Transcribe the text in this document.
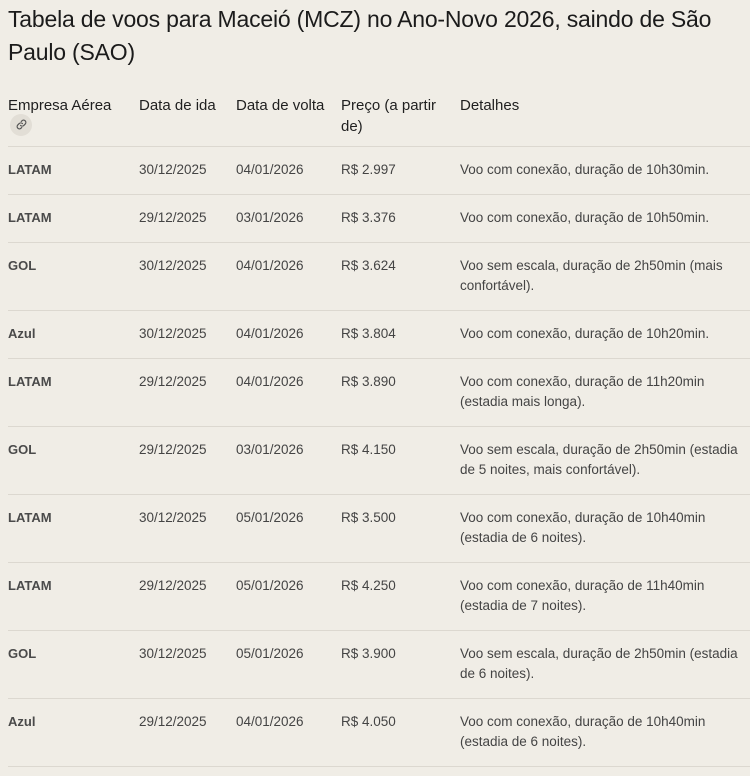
Tabela de voos para Maceió (MCZ) no Ano-Novo 2026, saindo de São Paulo (SAO)
Empresa Aérea	Data de ida	Data de volta	Preço (a partir de)	Detalhes
LATAM	30/12/2025	04/01/2026	R$ 2.997	Voo com conexão, duração de 10h30min.
LATAM	29/12/2025	03/01/2026	R$ 3.376	Voo com conexão, duração de 10h50min.
GOL	30/12/2025	04/01/2026	R$ 3.624	Voo sem escala, duração de 2h50min (mais confortável).
Azul	30/12/2025	04/01/2026	R$ 3.804	Voo com conexão, duração de 10h20min.
LATAM	29/12/2025	04/01/2026	R$ 3.890	Voo com conexão, duração de 11h20min (estadia mais longa).
GOL	29/12/2025	03/01/2026	R$ 4.150	Voo sem escala, duração de 2h50min (estadia de 5 noites, mais confortável).
LATAM	30/12/2025	05/01/2026	R$ 3.500	Voo com conexão, duração de 10h40min (estadia de 6 noites).
LATAM	29/12/2025	05/01/2026	R$ 4.250	Voo com conexão, duração de 11h40min (estadia de 7 noites).
GOL	30/12/2025	05/01/2026	R$ 3.900	Voo sem escala, duração de 2h50min (estadia de 6 noites).
Azul	29/12/2025	04/01/2026	R$ 4.050	Voo com conexão, duração de 10h40min (estadia de 6 noites).
